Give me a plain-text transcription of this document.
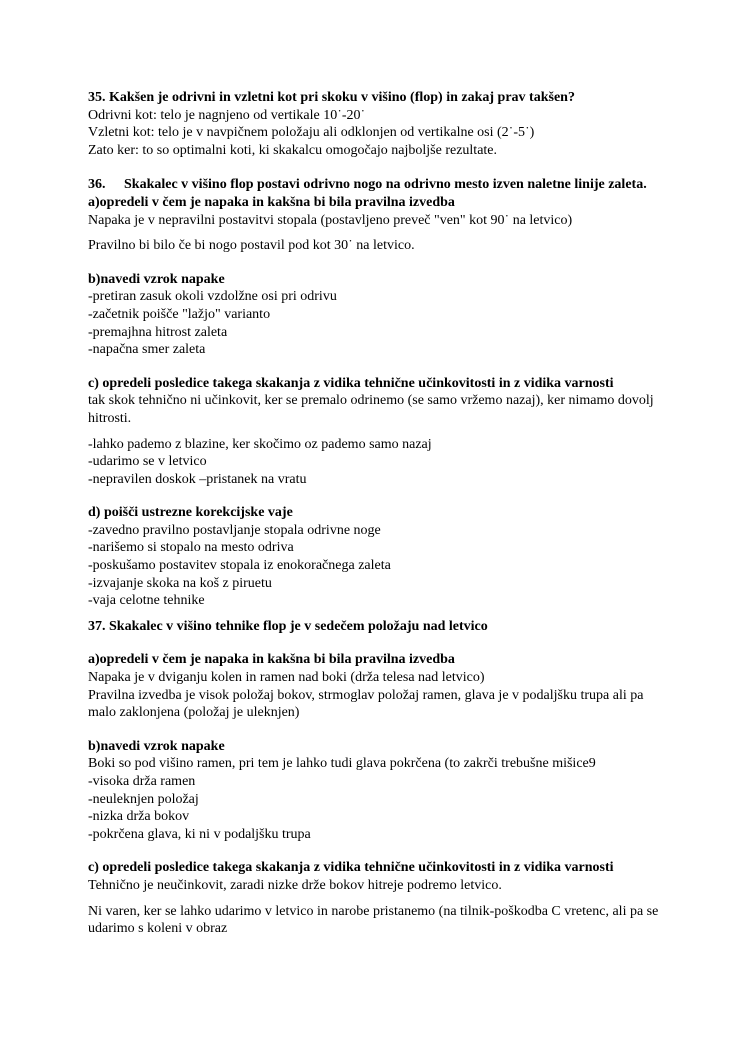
35. Kakšen je odrivni in vzletni kot pri skoku v višino (flop) in zakaj prav takšen?
Odrivni kot: telo je nagnjeno od vertikale 10˙-20˙
Vzletni kot: telo je v navpičnem položaju ali odklonjen od vertikalne osi (2˙-5˙)
Zato ker: to so optimalni koti, ki skakalcu omogočajo najboljše rezultate.
36. Skakalec v višino flop postavi odrivno nogo na odrivno mesto izven naletne linije zaleta.
a)opredeli v čem je napaka in kakšna bi bila pravilna izvedba
Napaka je v nepravilni postavitvi stopala (postavljeno preveč "ven" kot 90˙ na letvico)
Pravilno bi bilo če bi nogo postavil pod kot 30˙ na letvico.
b)navedi vzrok napake
-pretiran zasuk okoli vzdolžne osi pri odrivu
-začetnik poišče "lažjo" varianto
-premajhna hitrost zaleta
-napačna smer zaleta
c) opredeli posledice takega skakanja z vidika tehnične učinkovitosti in z vidika varnosti
tak skok tehnično ni učinkovit, ker se premalo odrinemo (se samo vržemo nazaj), ker nimamo dovolj hitrosti.
-lahko pademo z blazine, ker skočimo oz pademo samo nazaj
-udarimo se v letvico
-nepravilen doskok –pristanek na vratu
d) poišči ustrezne korekcijske vaje
-zavedno pravilno postavljanje stopala odrivne noge
-narišemo si stopalo na mesto odriva
-poskušamo postavitev stopala iz enokoračnega zaleta
-izvajanje skoka na koš z piruetu
-vaja celotne tehnike
37. Skakalec v višino tehnike flop je v sedečem položaju nad letvico
a)opredeli v čem je napaka in kakšna bi bila pravilna izvedba
Napaka je v dviganju kolen in ramen nad boki (drža telesa nad letvico)
Pravilna izvedba je visok položaj bokov, strmoglav položaj ramen, glava je v podaljšku trupa ali pa malo zaklonjena (položaj je uleknjen)
b)navedi vzrok napake
Boki so pod višino ramen, pri tem je lahko tudi glava pokrčena (to zakrči trebušne mišice9
-visoka drža ramen
-neuleknjen položaj
-nizka drža bokov
-pokrčena glava, ki ni v podaljšku trupa
c) opredeli posledice takega skakanja z vidika tehnične učinkovitosti in z vidika varnosti
Tehnično je neučinkovit, zaradi nizke drže bokov hitreje podremo letvico.
Ni varen, ker se lahko udarimo v letvico in narobe pristanemo (na tilnik-poškodba C vretenc, ali pa se udarimo s koleni v obraz
